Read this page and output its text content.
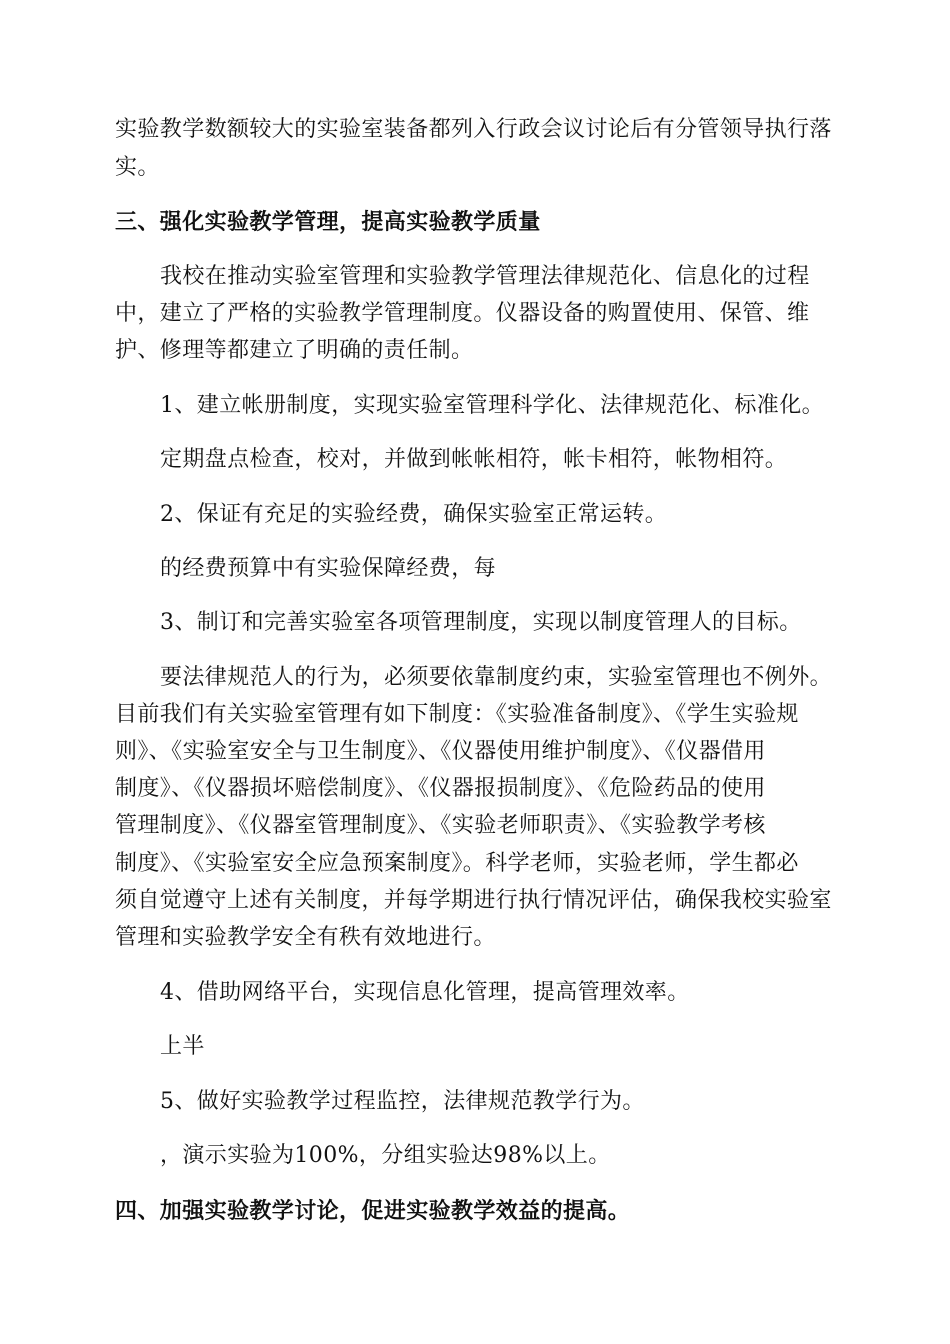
实验教学数额较大的实验室装备都列入行政会议讨论后有分管领导执行落
实。
三、强化实验教学管理，提高实验教学质量
我校在推动实验室管理和实验教学管理法律规范化、信息化的过程
中，建立了严格的实验教学管理制度。仪器设备的购置使用、保管、维
护、修理等都建立了明确的责任制。
1、建立帐册制度，实现实验室管理科学化、法律规范化、标准化。
定期盘点检查，校对，并做到帐帐相符，帐卡相符，帐物相符。
2、保证有充足的实验经费，确保实验室正常运转。
的经费预算中有实验保障经费，每
3、制订和完善实验室各项管理制度，实现以制度管理人的目标。
要法律规范人的行为，必须要依靠制度约束，实验室管理也不例外。
目前我们有关实验室管理有如下制度：《实验准备制度》、《学生实验规
则》、《实验室安全与卫生制度》、《仪器使用维护制度》、《仪器借用
制度》、《仪器损坏赔偿制度》、《仪器报损制度》、《危险药品的使用
管理制度》、《仪器室管理制度》、《实验老师职责》、《实验教学考核
制度》、《实验室安全应急预案制度》。科学老师，实验老师，学生都必
须自觉遵守上述有关制度，并每学期进行执行情况评估，确保我校实验室
管理和实验教学安全有秩有效地进行。
4、借助网络平台，实现信息化管理，提高管理效率。
上半
5、做好实验教学过程监控，法律规范教学行为。
，演示实验为100%，分组实验达98%以上。
四、加强实验教学讨论，促进实验教学效益的提高。
